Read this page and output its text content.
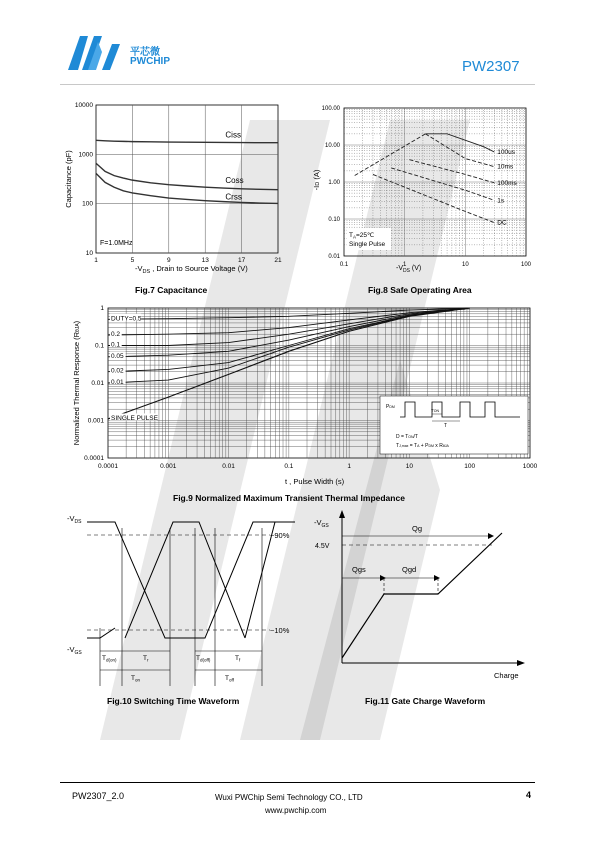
平芯微
PWCHIP	PW2307
Capacitance (pF)
$-V_{DS}$ , Drain to Source Voltage (V)
F=1.0MHz
10000
1000
100
10
1	5	9	13	17	21
Ciss
Coss
Crss
Fig.7 Capacitance
-ID (A)
$-V_{DS}$ (V)
$T_A=25℃$
Single Pulse
100.00
10.00
1.00
0.10
0.01
0.1	1	10	100
100us
10ms
100ms
1s
DC
Fig.8 Safe Operating Area
Normalized Thermal Response (RθJA)
t , Pulse Width (s)
1
0.1
0.01
0.001
0.0001
0.0001	0.001	0.01	0.1	1	10	100	1000
DUTY=0.5
0.2
0.1
0.05
0.02
0.01
SINGLE PULSE
PDM
TON
T
D = TON/T
TJ,max = TA + PDM x RθJA
Fig.9 Normalized Maximum Transient Thermal Impedance
$-V_{DS}$
$-V_{GS}$
~90%
~10%
$T_{d(on)}$	$T_r$	$T_{d(off)}$	$T_f$
$T_{on}$	$T_{off}$
Fig.10 Switching Time Waveform
$-V_{GS}$
4.5V
Qg
Qgs	Qgd
Charge
Fig.11 Gate Charge Waveform
PW2307_2.0	Wuxi PWChip Semi Technology CO., LTD
www.pwchip.com
4
